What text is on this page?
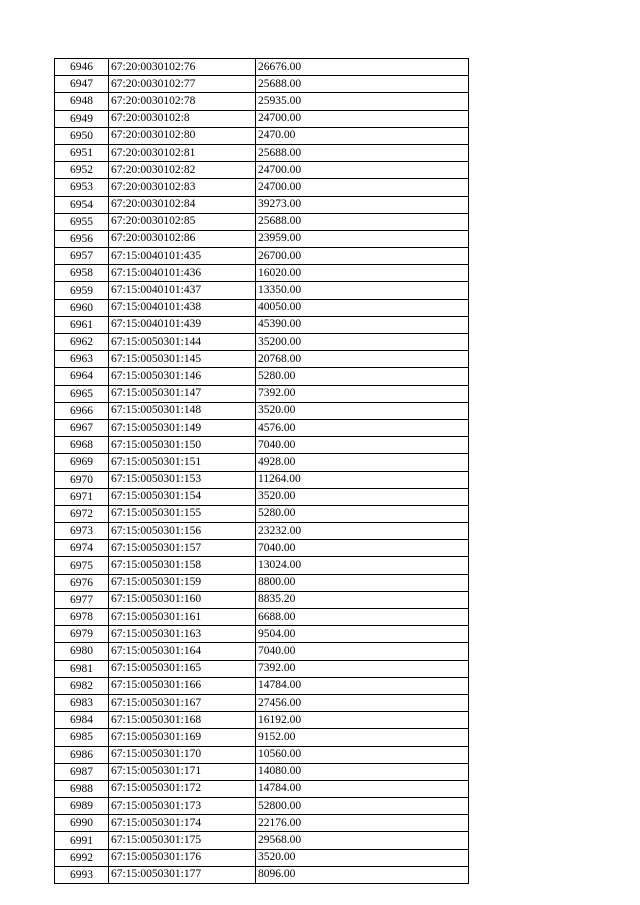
6946	67:20:0030102:76	26676.00
6947	67:20:0030102:77	25688.00
6948	67:20:0030102:78	25935.00
6949	67:20:0030102:8	24700.00
6950	67:20:0030102:80	2470.00
6951	67:20:0030102:81	25688.00
6952	67:20:0030102:82	24700.00
6953	67:20:0030102:83	24700.00
6954	67:20:0030102:84	39273.00
6955	67:20:0030102:85	25688.00
6956	67:20:0030102:86	23959.00
6957	67:15:0040101:435	26700.00
6958	67:15:0040101:436	16020.00
6959	67:15:0040101:437	13350.00
6960	67:15:0040101:438	40050.00
6961	67:15:0040101:439	45390.00
6962	67:15:0050301:144	35200.00
6963	67:15:0050301:145	20768.00
6964	67:15:0050301:146	5280.00
6965	67:15:0050301:147	7392.00
6966	67:15:0050301:148	3520.00
6967	67:15:0050301:149	4576.00
6968	67:15:0050301:150	7040.00
6969	67:15:0050301:151	4928.00
6970	67:15:0050301:153	11264.00
6971	67:15:0050301:154	3520.00
6972	67:15:0050301:155	5280.00
6973	67:15:0050301:156	23232.00
6974	67:15:0050301:157	7040.00
6975	67:15:0050301:158	13024.00
6976	67:15:0050301:159	8800.00
6977	67:15:0050301:160	8835.20
6978	67:15:0050301:161	6688.00
6979	67:15:0050301:163	9504.00
6980	67:15:0050301:164	7040.00
6981	67:15:0050301:165	7392.00
6982	67:15:0050301:166	14784.00
6983	67:15:0050301:167	27456.00
6984	67:15:0050301:168	16192.00
6985	67:15:0050301:169	9152.00
6986	67:15:0050301:170	10560.00
6987	67:15:0050301:171	14080.00
6988	67:15:0050301:172	14784.00
6989	67:15:0050301:173	52800.00
6990	67:15:0050301:174	22176.00
6991	67:15:0050301:175	29568.00
6992	67:15:0050301:176	3520.00
6993	67:15:0050301:177	8096.00
